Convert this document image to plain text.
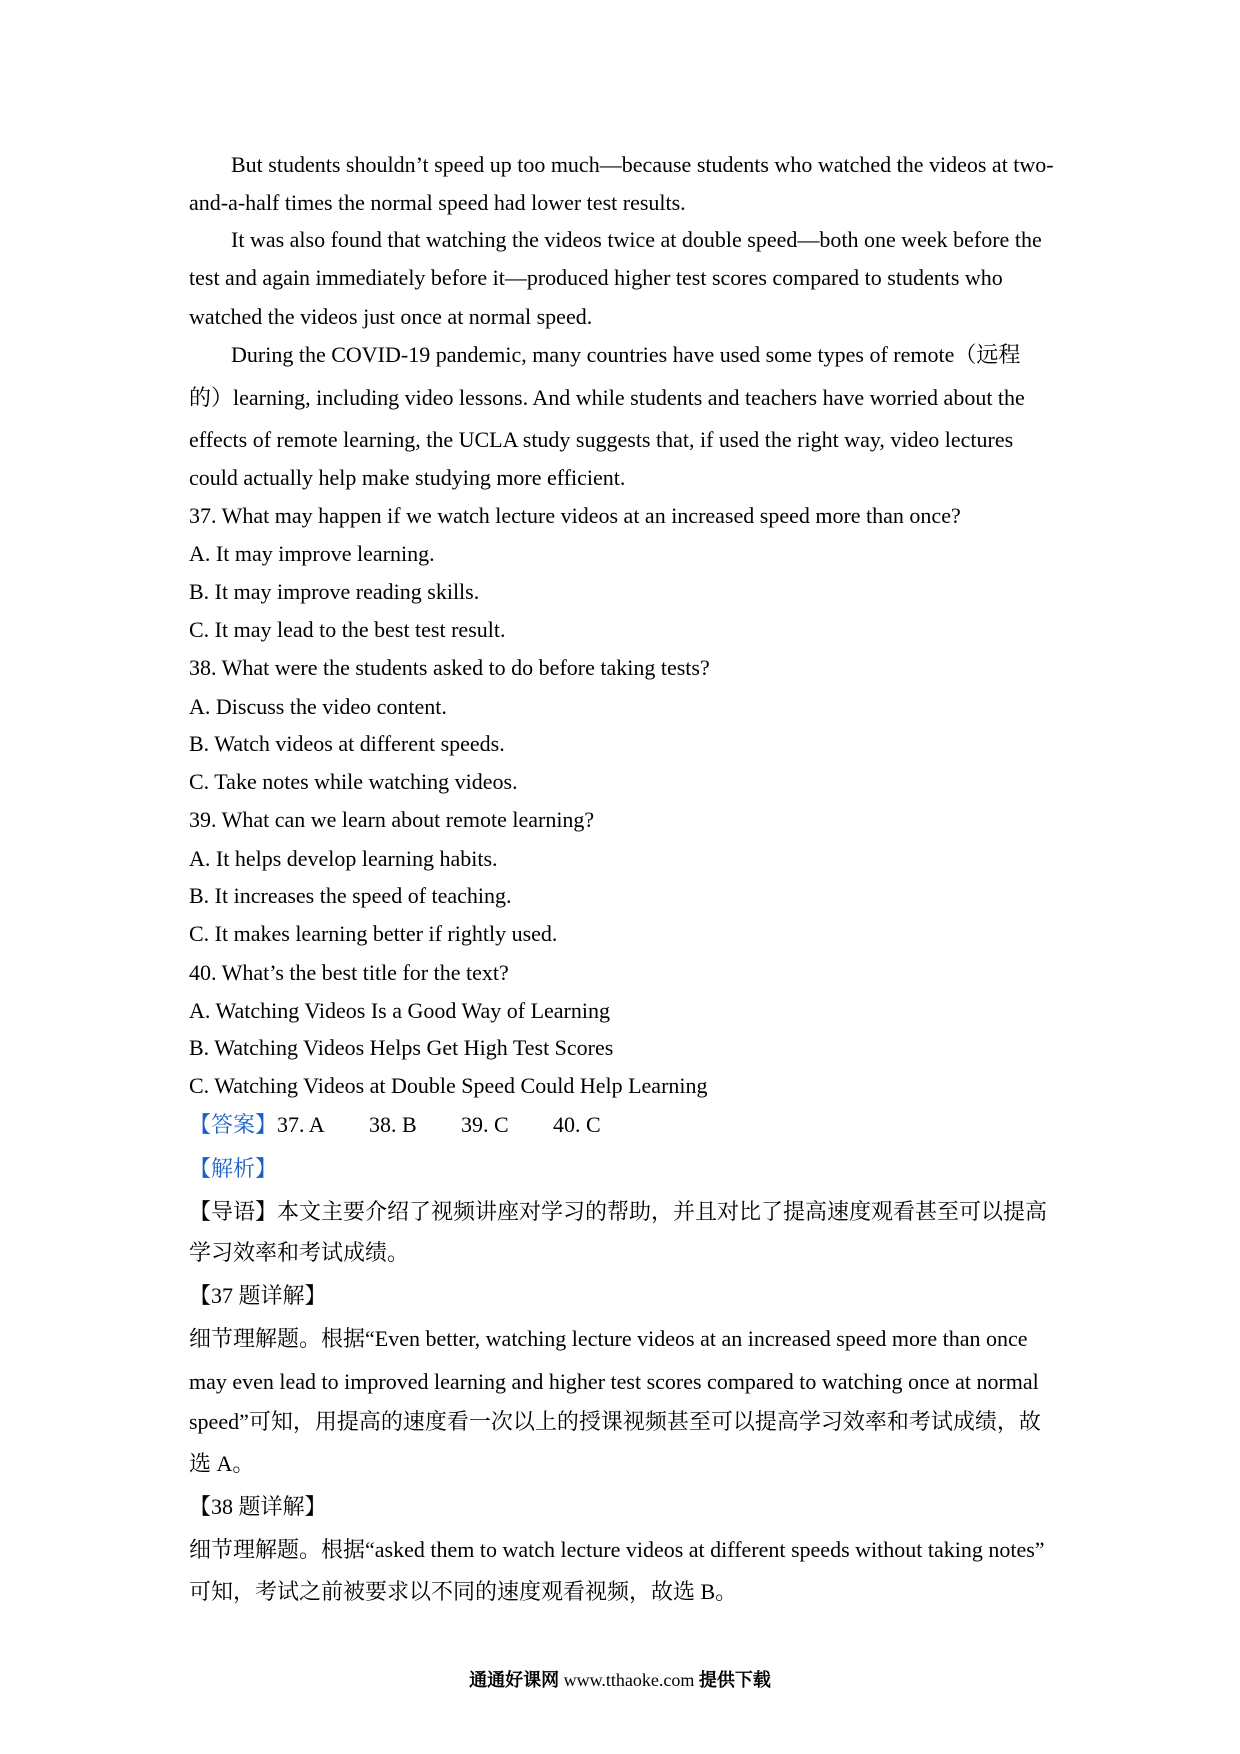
But students shouldn’t speed up too much—because students who watched the videos at two-
and-a-half times the normal speed had lower test results.
It was also found that watching the videos twice at double speed—both one week before the
test and again immediately before it—produced higher test scores compared to students who
watched the videos just once at normal speed.
During the COVID-19 pandemic, many countries have used some types of remote（远程
的）learning, including video lessons. And while students and teachers have worried about the
effects of remote learning, the UCLA study suggests that, if used the right way, video lectures
could actually help make studying more efficient.
37. What may happen if we watch lecture videos at an increased speed more than once?
A. It may improve learning.
B. It may improve reading skills.
C. It may lead to the best test result.
38. What were the students asked to do before taking tests?
A. Discuss the video content.
B. Watch videos at different speeds.
C. Take notes while watching videos.
39. What can we learn about remote learning?
A. It helps develop learning habits.
B. It increases the speed of teaching.
C. It makes learning better if rightly used.
40. What’s the best title for the text?
A. Watching Videos Is a Good Way of Learning
B. Watching Videos Helps Get High Test Scores
C. Watching Videos at Double Speed Could Help Learning
【答案】37. A 38. B 39. C 40. C
【解析】
【导语】本文主要介绍了视频讲座对学习的帮助，并且对比了提高速度观看甚至可以提高
学习效率和考试成绩。
【37 题详解】
细节理解题。根据“Even better, watching lecture videos at an increased speed more than once
may even lead to improved learning and higher test scores compared to watching once at normal
speed”可知，用提高的速度看一次以上的授课视频甚至可以提高学习效率和考试成绩，故
选 A。
【38 题详解】
细节理解题。根据“asked them to watch lecture videos at different speeds without taking notes”
可知，考试之前被要求以不同的速度观看视频，故选 B。
通通好课网 www.tthaoke.com 提供下载
